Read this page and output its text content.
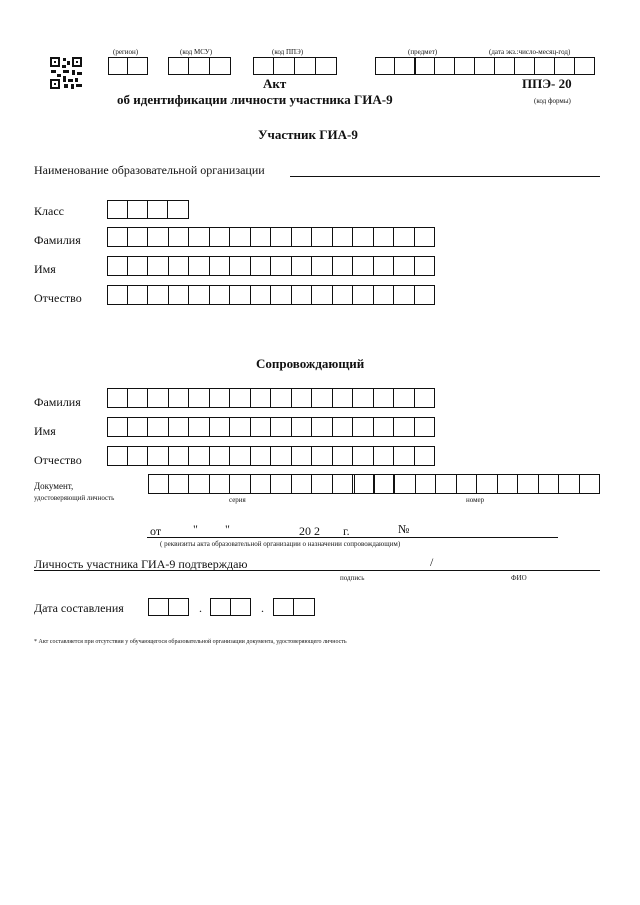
(регион)	(код МСУ)	(код ППЭ)	(предмет)	(дата экз.:число-месяц-год)
Акт
об идентификации личности участника ГИА-9
ППЭ- 20
(код формы)
Участник ГИА-9
Наименование образовательной организации
Класс
Фамилия
Имя
Отчество
Сопровождающий
Фамилия
Имя
Отчество
Документ,
удостоверяющий личность	серия	номер
от	" "	20 2 г.	№
( реквизиты акта образовательной организации о назначении сопровождающим)
Личность участника ГИА-9 подтверждаю	/
подпись	ФИО
Дата составления	.	.
* Акт составляется при отсутствии у обучающегося образовательной организации документа, удостоверяющего личность
